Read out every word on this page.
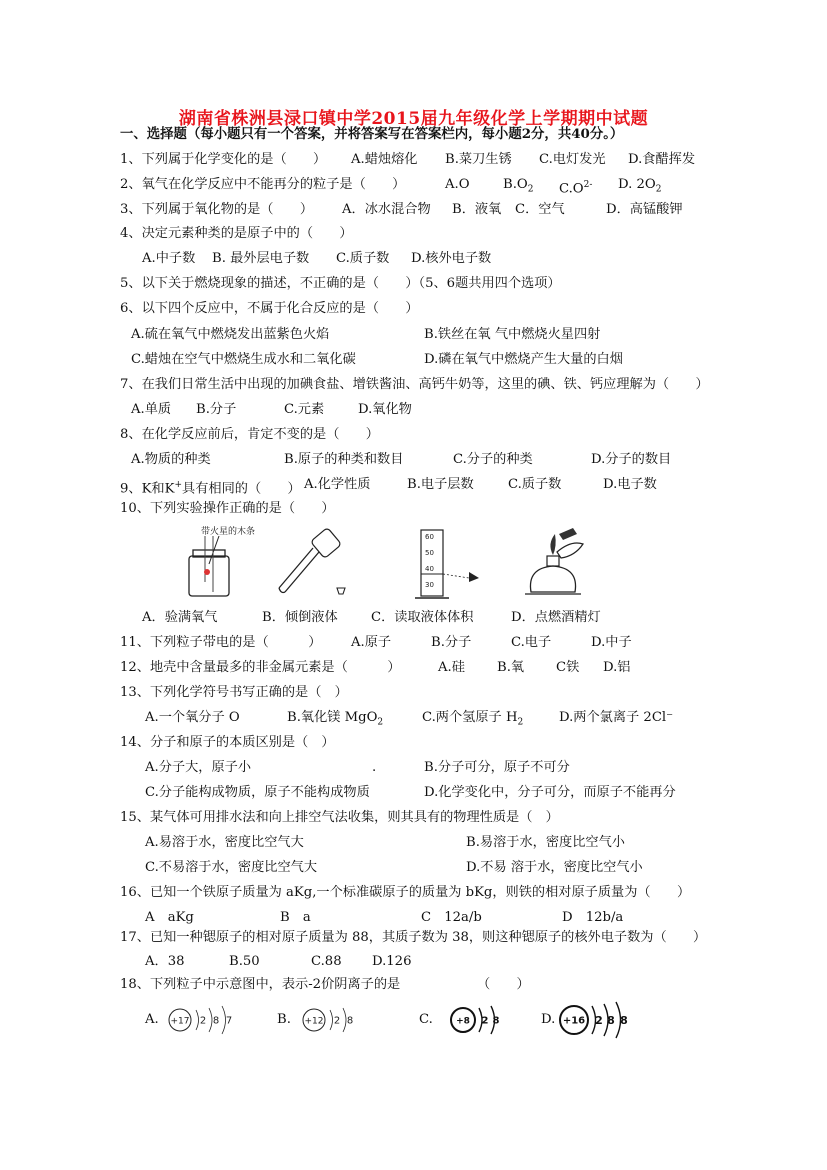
湖南省株洲县渌口镇中学2015届九年级化学上学期期中试题
一、选择题（每小题只有一个答案，并将答案写在答案栏内，每小题2分，共40分。）
1、下列属于化学变化的是（　　） A.蜡烛熔化 B.菜刀生锈 C.电灯发光 D.食醋挥发
2、氧气在化学反应中不能再分的粒子是（　　）	A.O	$B.O_2$ $C.O^{2-}$ D. $2O_2$
3、下列属于氧化物的是（　　） A．冰水混合物 B．液氧 C．空气	D．高锰酸钾
4、决定元素种类的是原子中的（　　）
A.中子数 B. 最外层电子数 C.质子数 D.核外电子数
5、以下关于燃烧现象的描述，不正确的是（　　）（5、6题共用四个选项）
6、以下四个反应中，不属于化合反应的是（　　）
A.硫在氧气中燃烧发出蓝紫色火焰	B.铁丝在氧 气中燃烧火星四射
C.蜡烛在空气中燃烧生成水和二氧化碳	D.磷在氧气中燃烧产生大量的白烟
7、在我们日常生活中出现的加碘食盐、增铁酱油、高钙牛奶等，这里的碘、铁、钙应理解为（　　）
A.单质 B.分子	C.元素	D.氧化物
8、在化学反应前后，肯定不变的是（　　）
A.物质的种类	B.原子的种类和数目	C.分子的种类	D.分子的数目
9、K和K+具有相同的（　　） A.化学性质	B.电子层数	C.质子数	D.电子数
10、下列实验操作正确的是（　　）
带火星的木条	60
50
40
30
A．验满氧气	B．倾倒液体	C．读取液体体积	D．点燃酒精灯
11、下列粒子带电的是（　　　） A.原子	B.分子	C.电子	D.中子
12、地壳中含量最多的非金属元素是（　　　）	A.硅 B.氧 C铁 D.铝
13、下列化学符号书写正确的是（　）
A.一个氧分子 O	B.氧化镁 MgO$_2$	C.两个氢原子 $H_2$	D.两个氯离子 2Cl⁻
14、分子和原子的本质区别是（　）
A.分子大，原子小	.	B.分子可分，原子不可分
C.分子能构成物质，原子不能构成物质	D.化学变化中，分子可分，而原子不能再分
15、某气体可用排水法和向上排空气法收集，则其具有的物理性质是（　）
A.易溶于水，密度比空气大	B.易溶于水，密度比空气小
C.不易溶于水，密度比空气大	D.不易 溶于水，密度比空气小
16、已知一个铁原子质量为 aKg,一个标准碳原子的质量为 bKg，则铁的相对原子质量为（　　）
A　aKg	B　a	C　12a/b	D　12b/a
17、已知一种锶原子的相对原子质量为 88，其质子数为 38，则这种锶原子的核外电子数为（　　）
A．38	B.50	C.88 D.126
18、下列粒子中示意图中，表示-2价阴离子的是	（　　）
A.	B.	C.	D.
+17 2 8 7	+12 2 8	+8 2 8	+16 2 8 8
